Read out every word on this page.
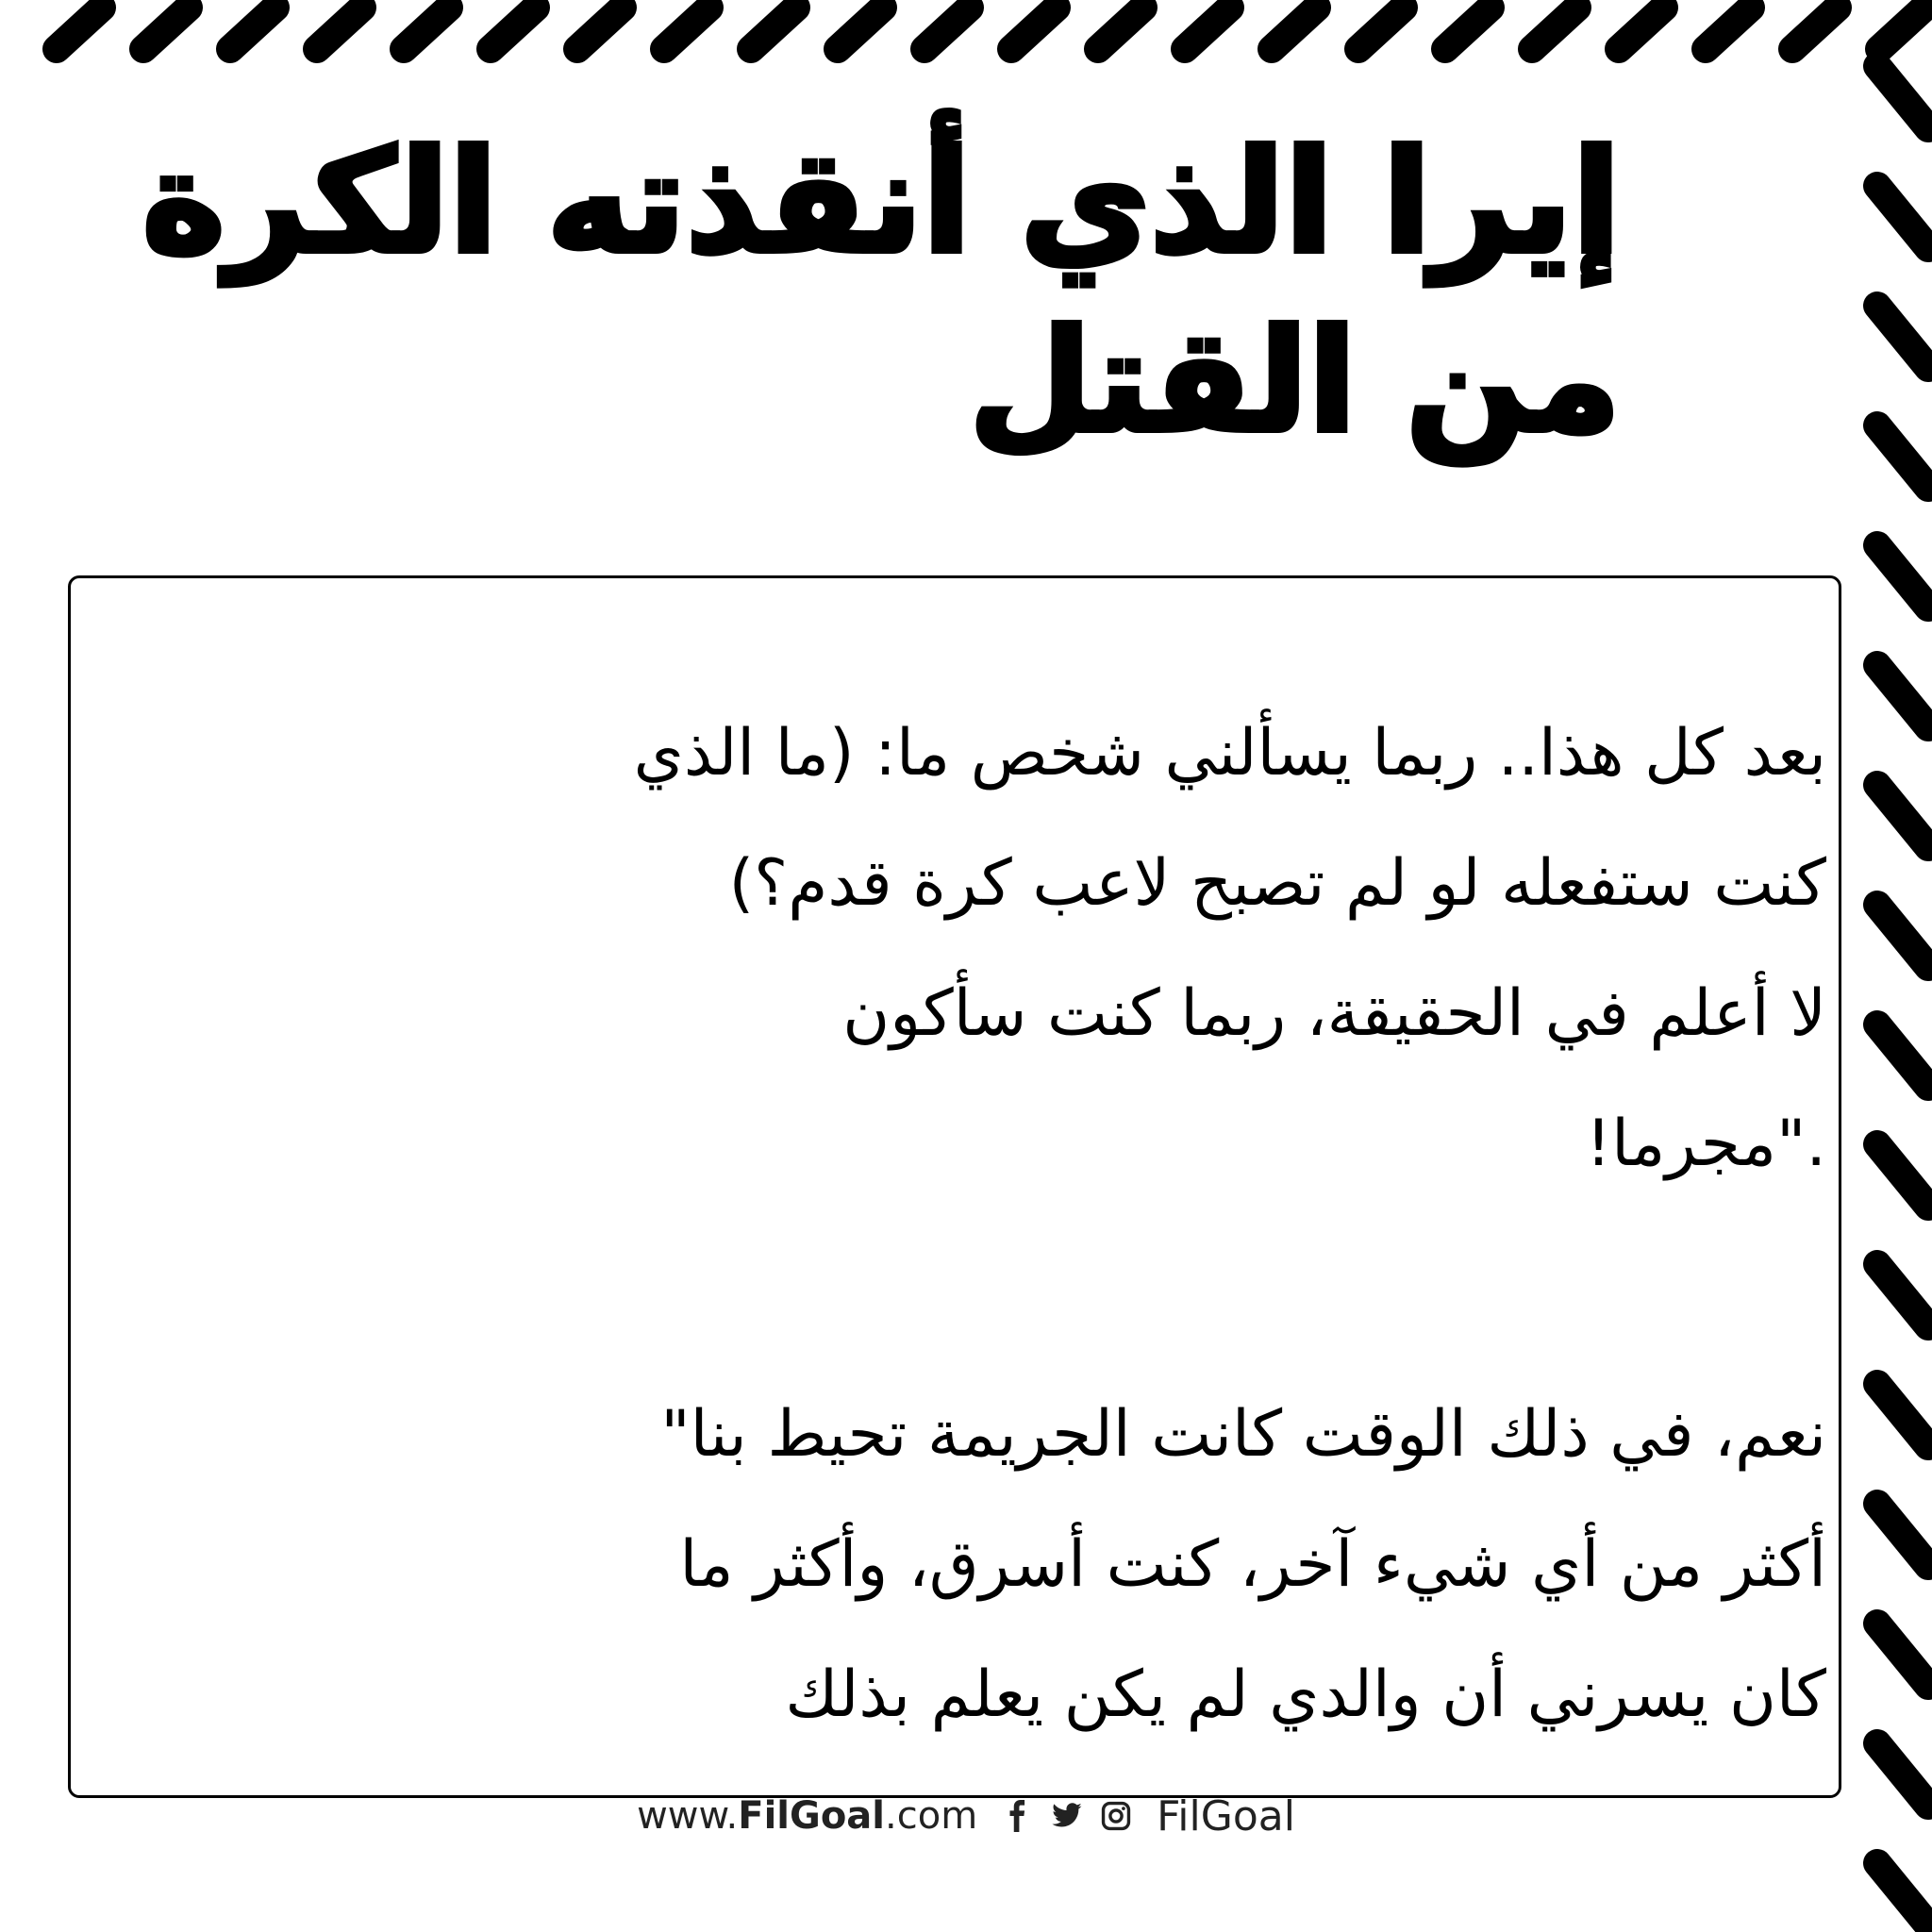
إيرا الذي أنقذته الكرة
من القتل
بعد كل هذا.. ربما يسألني شخص ما: (ما الذي
كنت ستفعله لو لم تصبح لاعب كرة قدم؟)
لا أعلم في الحقيقة، ربما كنت سأكون
."مجرما!
نعم، في ذلك الوقت كانت الجريمة تحيط بنا"
أكثر من أي شيء آخر، كنت أسرق، وأكثر ما
كان يسرني أن والدي لم يكن يعلم بذلك
www.FilGoal.com	FilGoal
